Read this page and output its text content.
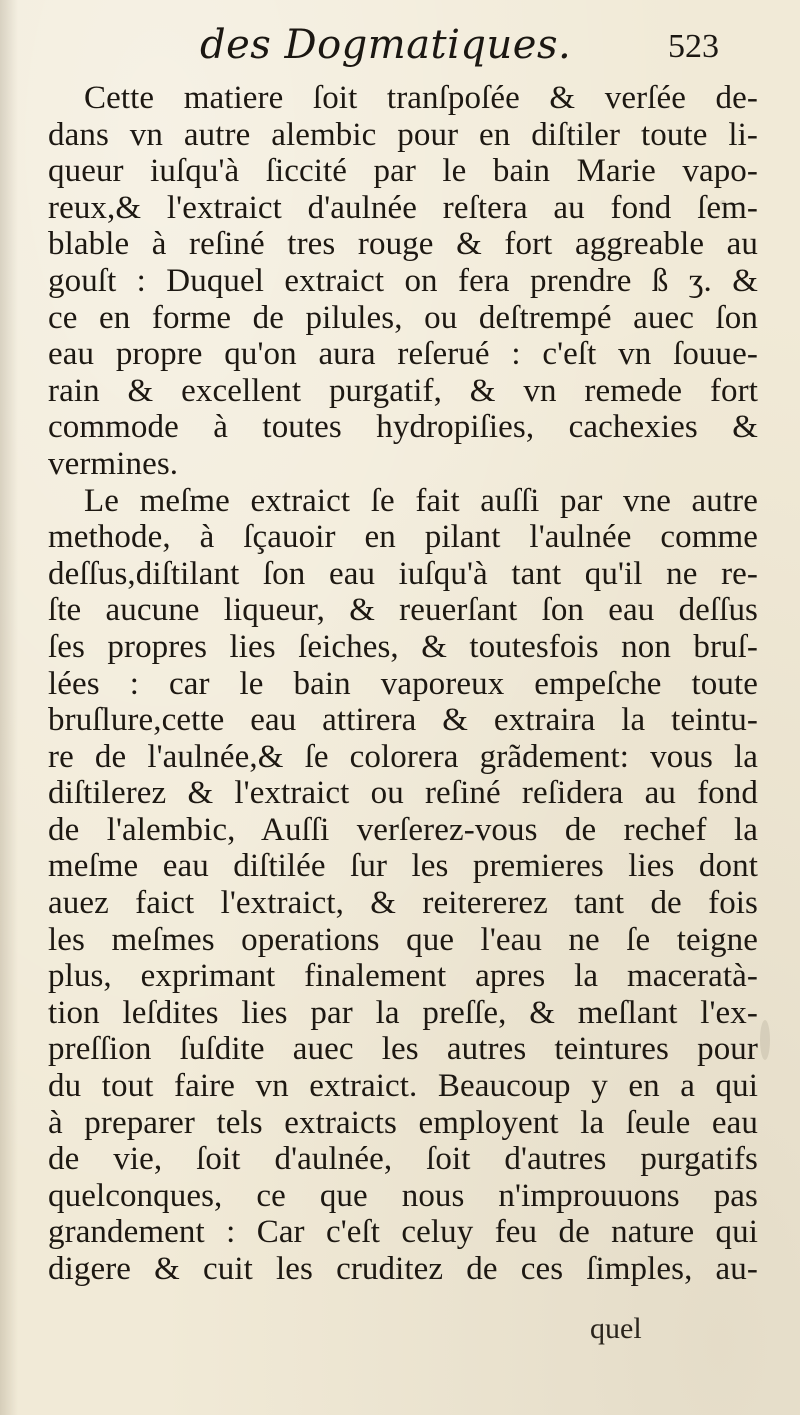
des Dogmatiques.	523
Cette matiere ſoit tranſpoſée & verſée de-
dans vn autre alembic pour en diſtiler toute li-
queur iuſqu'à ſiccité par le bain Marie vapo-
reux,& l'extraict d'aulnée reſtera au fond ſem-
blable à reſiné tres rouge & fort aggreable au
gouſt : Duquel extraict on fera prendre ß ʒ. &
ce en forme de pilules, ou deſtrempé auec ſon
eau propre qu'on aura reſerué : c'eſt vn ſouue-
rain & excellent purgatif, & vn remede fort
commode à toutes hydropiſies, cachexies &
vermines.
Le meſme extraict ſe fait auſſi par vne autre
methode, à ſçauoir en pilant l'aulnée comme
deſſus,diſtilant ſon eau iuſqu'à tant qu'il ne re-
ſte aucune liqueur, & reuerſant ſon eau deſſus
ſes propres lies ſeiches, & toutesfois non bruſ-
lées : car le bain vaporeux empeſche toute
bruſlure,cette eau attirera & extraira la teintu-
re de l'aulnée,& ſe colorera grãdement: vous la
diſtilerez & l'extraict ou reſiné reſidera au fond
de l'alembic, Auſſi verſerez-vous de rechef la
meſme eau diſtilée ſur les premieres lies dont
auez faict l'extraict, & reitererez tant de fois
les meſmes operations que l'eau ne ſe teigne
plus, exprimant finalement apres la maceratà-
tion leſdites lies par la preſſe, & meſlant l'ex-
preſſion ſuſdite auec les autres teintures pour
du tout faire vn extraict. Beaucoup y en a qui
à preparer tels extraicts employent la ſeule eau
de vie, ſoit d'aulnée, ſoit d'autres purgatifs
quelconques, ce que nous n'improuuons pas
grandement : Car c'eſt celuy feu de nature qui
digere & cuit les cruditez de ces ſimples, au-
quel
